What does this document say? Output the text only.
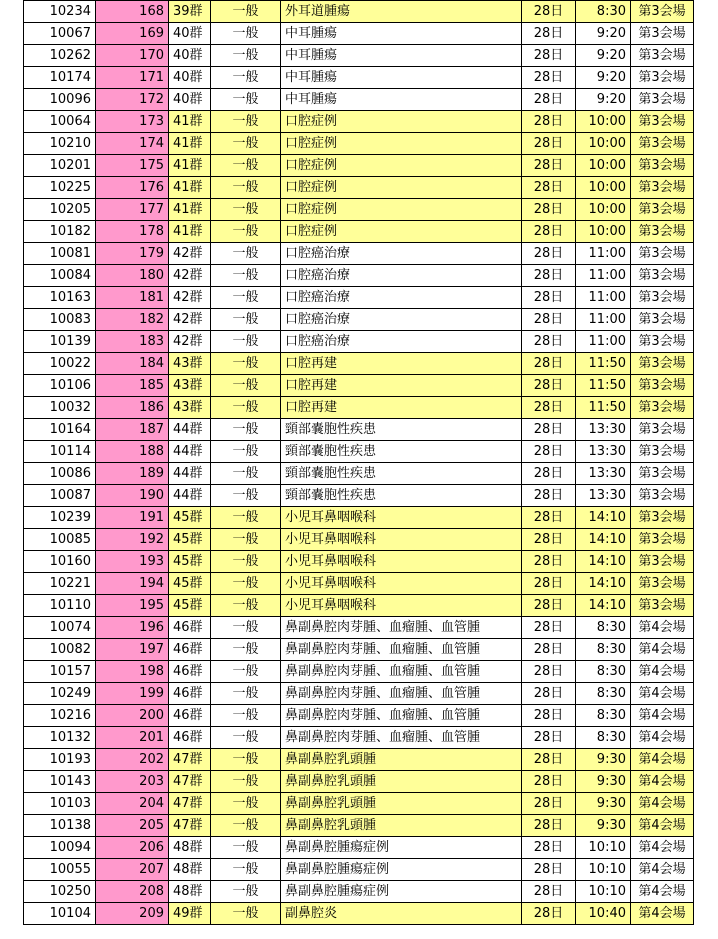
10234	168	39群	一般	外耳道腫瘍	28日	8:30	第3会場
10067	169	40群	一般	中耳腫瘍	28日	9:20	第3会場
10262	170	40群	一般	中耳腫瘍	28日	9:20	第3会場
10174	171	40群	一般	中耳腫瘍	28日	9:20	第3会場
10096	172	40群	一般	中耳腫瘍	28日	9:20	第3会場
10064	173	41群	一般	口腔症例	28日	10:00	第3会場
10210	174	41群	一般	口腔症例	28日	10:00	第3会場
10201	175	41群	一般	口腔症例	28日	10:00	第3会場
10225	176	41群	一般	口腔症例	28日	10:00	第3会場
10205	177	41群	一般	口腔症例	28日	10:00	第3会場
10182	178	41群	一般	口腔症例	28日	10:00	第3会場
10081	179	42群	一般	口腔癌治療	28日	11:00	第3会場
10084	180	42群	一般	口腔癌治療	28日	11:00	第3会場
10163	181	42群	一般	口腔癌治療	28日	11:00	第3会場
10083	182	42群	一般	口腔癌治療	28日	11:00	第3会場
10139	183	42群	一般	口腔癌治療	28日	11:00	第3会場
10022	184	43群	一般	口腔再建	28日	11:50	第3会場
10106	185	43群	一般	口腔再建	28日	11:50	第3会場
10032	186	43群	一般	口腔再建	28日	11:50	第3会場
10164	187	44群	一般	頸部嚢胞性疾患	28日	13:30	第3会場
10114	188	44群	一般	頸部嚢胞性疾患	28日	13:30	第3会場
10086	189	44群	一般	頸部嚢胞性疾患	28日	13:30	第3会場
10087	190	44群	一般	頸部嚢胞性疾患	28日	13:30	第3会場
10239	191	45群	一般	小児耳鼻咽喉科	28日	14:10	第3会場
10085	192	45群	一般	小児耳鼻咽喉科	28日	14:10	第3会場
10160	193	45群	一般	小児耳鼻咽喉科	28日	14:10	第3会場
10221	194	45群	一般	小児耳鼻咽喉科	28日	14:10	第3会場
10110	195	45群	一般	小児耳鼻咽喉科	28日	14:10	第3会場
10074	196	46群	一般	鼻副鼻腔肉芽腫、血瘤腫、血管腫	28日	8:30	第4会場
10082	197	46群	一般	鼻副鼻腔肉芽腫、血瘤腫、血管腫	28日	8:30	第4会場
10157	198	46群	一般	鼻副鼻腔肉芽腫、血瘤腫、血管腫	28日	8:30	第4会場
10249	199	46群	一般	鼻副鼻腔肉芽腫、血瘤腫、血管腫	28日	8:30	第4会場
10216	200	46群	一般	鼻副鼻腔肉芽腫、血瘤腫、血管腫	28日	8:30	第4会場
10132	201	46群	一般	鼻副鼻腔肉芽腫、血瘤腫、血管腫	28日	8:30	第4会場
10193	202	47群	一般	鼻副鼻腔乳頭腫	28日	9:30	第4会場
10143	203	47群	一般	鼻副鼻腔乳頭腫	28日	9:30	第4会場
10103	204	47群	一般	鼻副鼻腔乳頭腫	28日	9:30	第4会場
10138	205	47群	一般	鼻副鼻腔乳頭腫	28日	9:30	第4会場
10094	206	48群	一般	鼻副鼻腔腫瘍症例	28日	10:10	第4会場
10055	207	48群	一般	鼻副鼻腔腫瘍症例	28日	10:10	第4会場
10250	208	48群	一般	鼻副鼻腔腫瘍症例	28日	10:10	第4会場
10104	209	49群	一般	副鼻腔炎	28日	10:40	第4会場
